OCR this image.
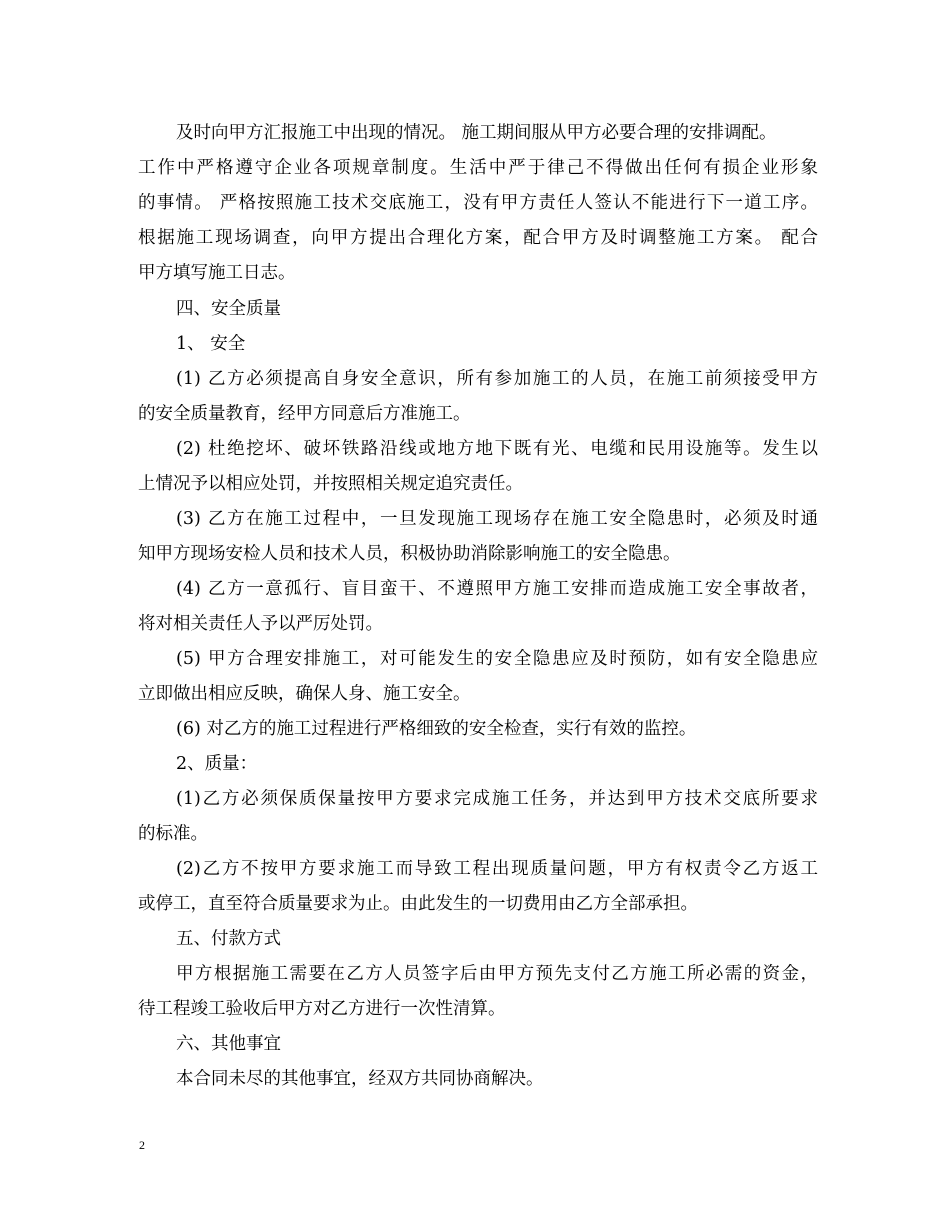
及时向甲方汇报施工中出现的情况。 施工期间服从甲方必要合理的安排调配。
工作中严格遵守企业各项规章制度。生活中严于律己不得做出任何有损企业形象
的事情。 严格按照施工技术交底施工，没有甲方责任人签认不能进行下一道工序。
根据施工现场调查，向甲方提出合理化方案，配合甲方及时调整施工方案。 配合
甲方填写施工日志。
四、安全质量
1、 安全
(1) 乙方必须提高自身安全意识，所有参加施工的人员，在施工前须接受甲方
的安全质量教育，经甲方同意后方准施工。
(2) 杜绝挖坏、破坏铁路沿线或地方地下既有光、电缆和民用设施等。发生以
上情况予以相应处罚，并按照相关规定追究责任。
(3) 乙方在施工过程中，一旦发现施工现场存在施工安全隐患时，必须及时通
知甲方现场安检人员和技术人员，积极协助消除影响施工的安全隐患。
(4) 乙方一意孤行、盲目蛮干、不遵照甲方施工安排而造成施工安全事故者，
将对相关责任人予以严厉处罚。
(5) 甲方合理安排施工，对可能发生的安全隐患应及时预防，如有安全隐患应
立即做出相应反映，确保人身、施工安全。
(6) 对乙方的施工过程进行严格细致的安全检查，实行有效的监控。
2、质量：
(1)乙方必须保质保量按甲方要求完成施工任务，并达到甲方技术交底所要求
的标准。
(2)乙方不按甲方要求施工而导致工程出现质量问题，甲方有权责令乙方返工
或停工，直至符合质量要求为止。由此发生的一切费用由乙方全部承担。
五、付款方式
甲方根据施工需要在乙方人员签字后由甲方预先支付乙方施工所必需的资金，
待工程竣工验收后甲方对乙方进行一次性清算。
六、其他事宜
本合同未尽的其他事宜，经双方共同协商解决。
2
